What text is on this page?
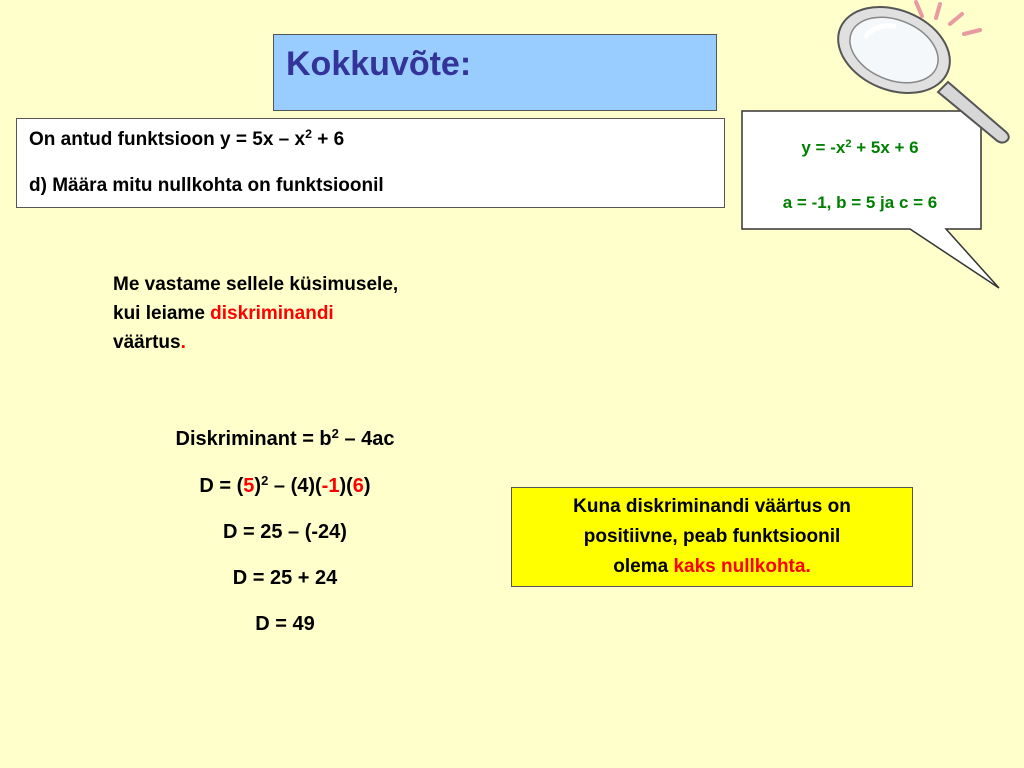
Kokkuvõte:
On antud funktsioon $y = 5x - x^2 + 6$
d) Määra mitu nullkohta on funktsioonil
$y = -x^2 + 5x + 6$
a = -1, b = 5 ja c = 6
Me vastame sellele küsimusele,
kui leiame diskriminandi
väärtus.
Diskriminant = $b^2 - 4ac$
$D = (5)^2 - (4)(-1)(6)$
D = 25 – (-24)
D = 25 + 24
D = 49
Kuna diskriminandi väärtus on
positiivne, peab funktsioonil
olema kaks nullkohta.
